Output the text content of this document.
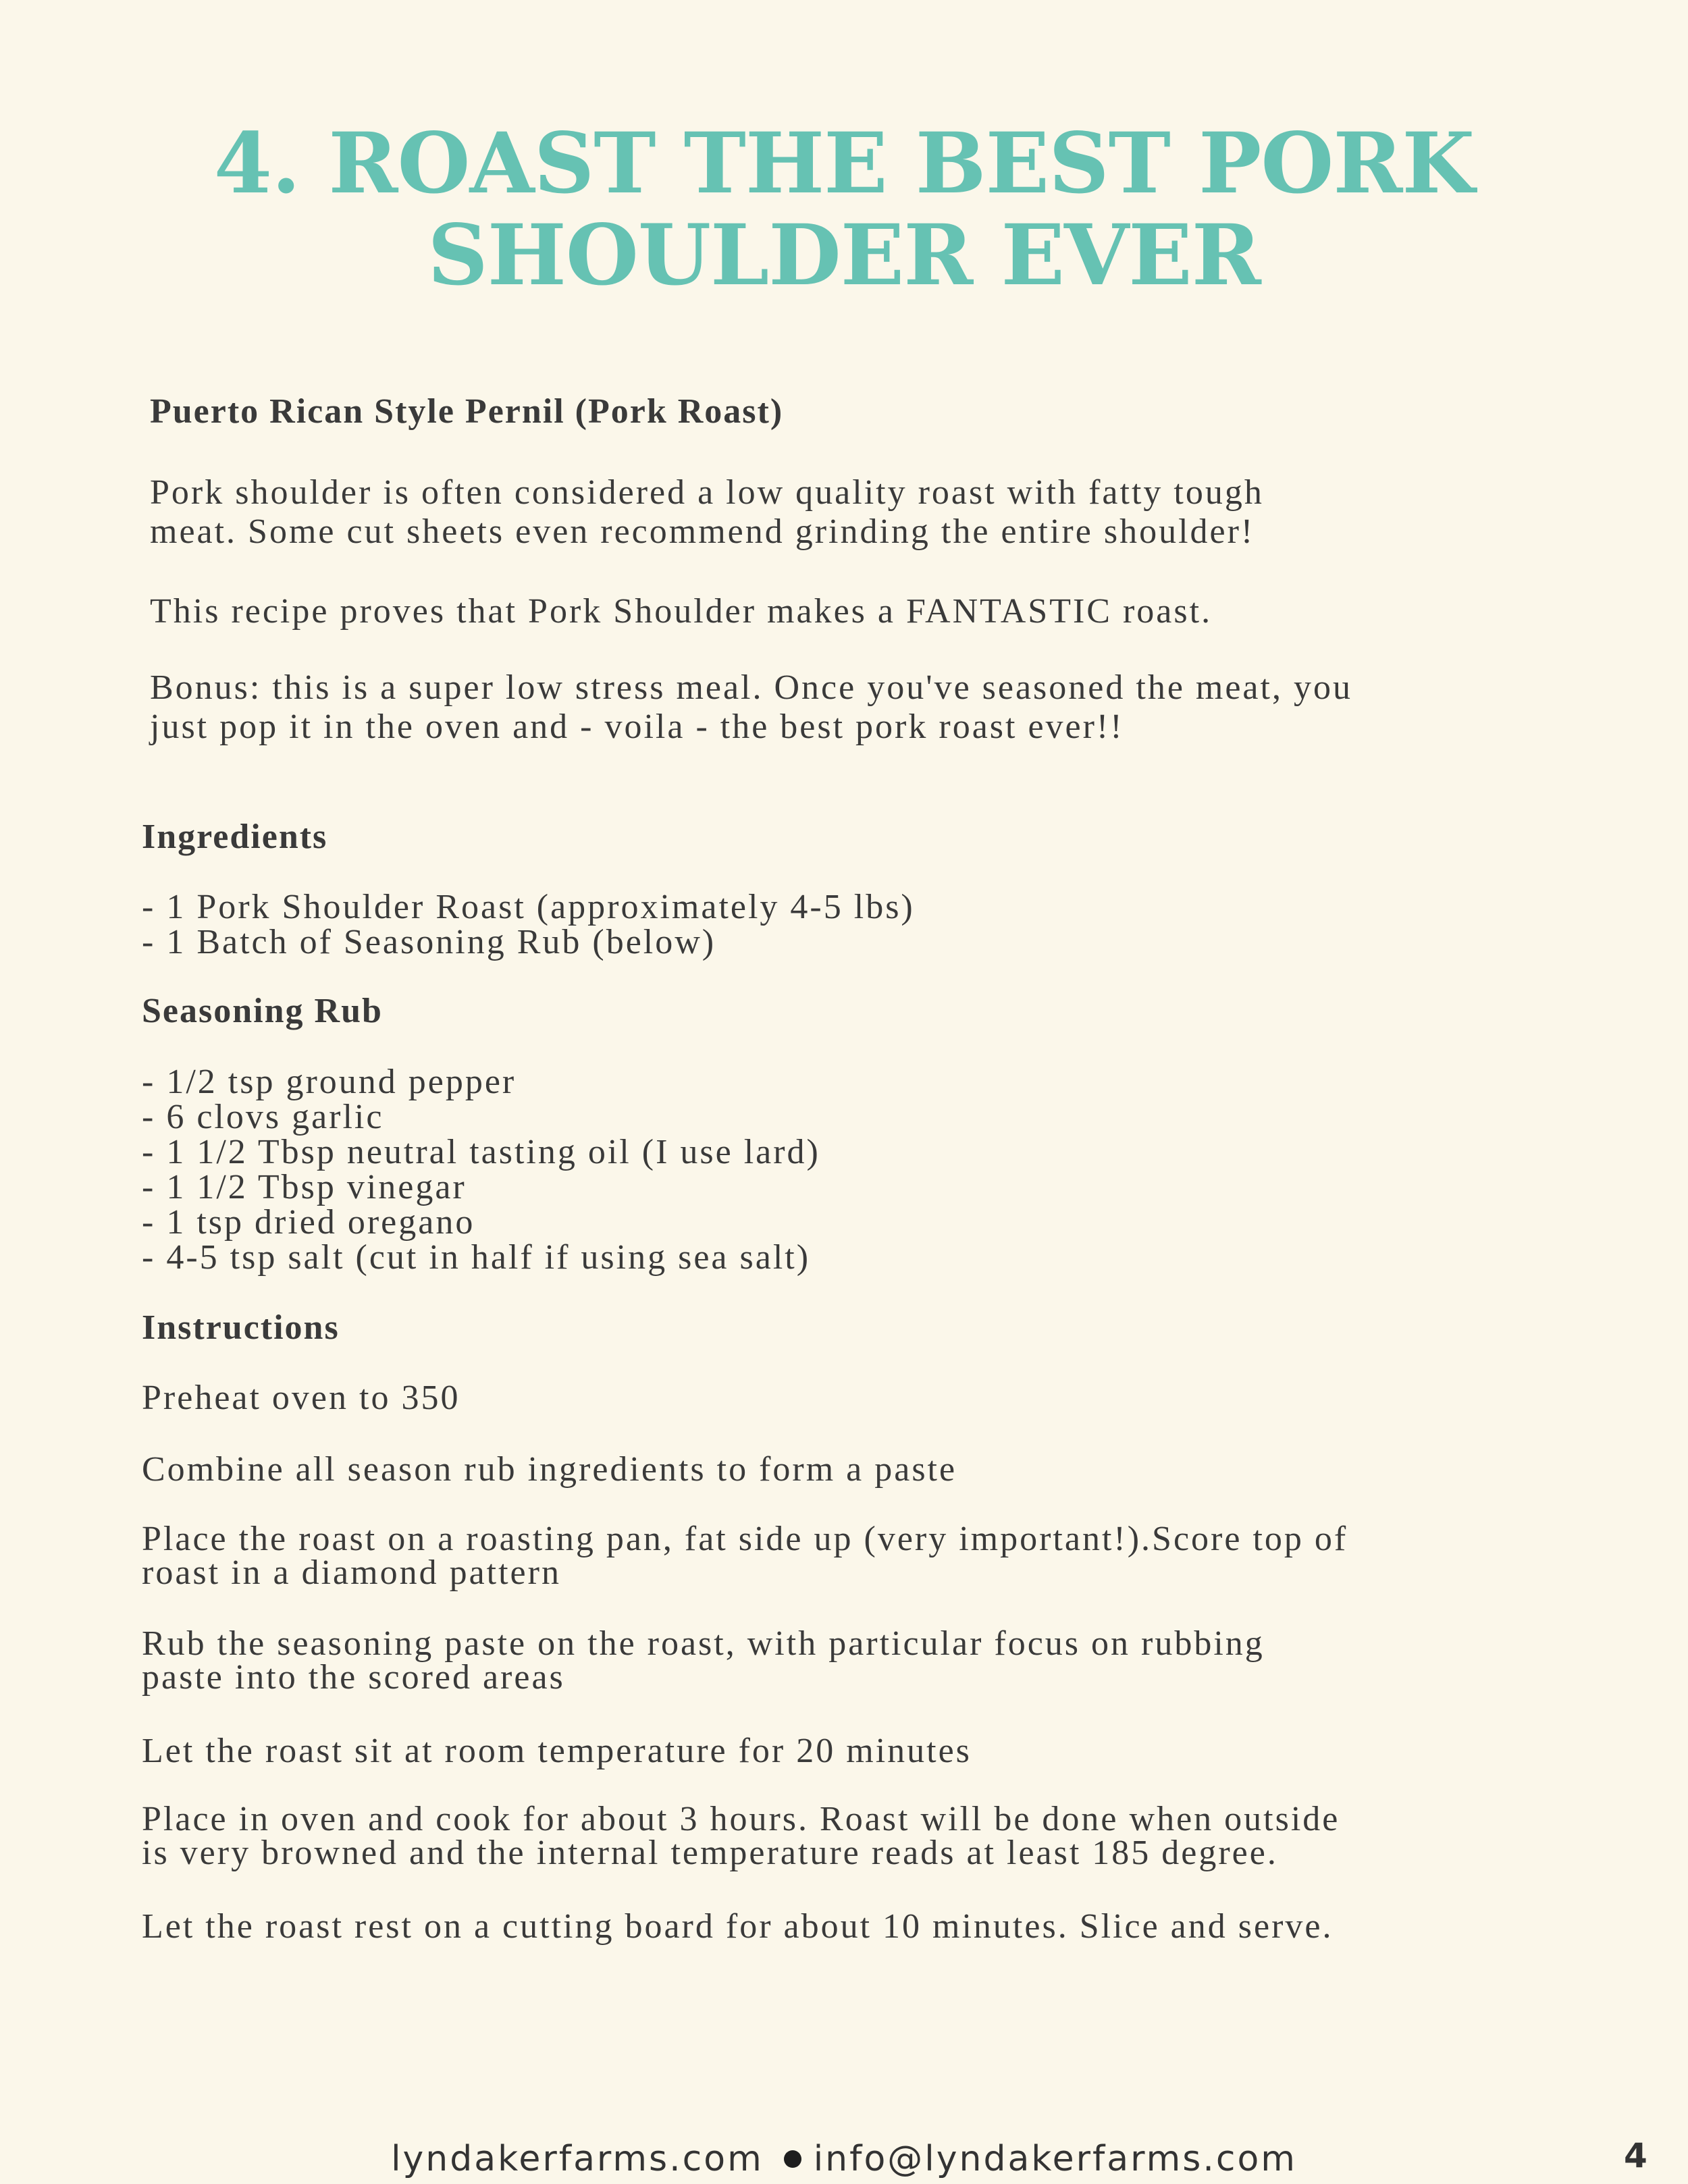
4. ROAST THE BEST PORK
SHOULDER EVER
Puerto Rican Style Pernil (Pork Roast)
Pork shoulder is often considered a low quality roast with fatty tough
meat. Some cut sheets even recommend grinding the entire shoulder!
This recipe proves that Pork Shoulder makes a FANTASTIC roast.
Bonus: this is a super low stress meal. Once you've seasoned the meat, you
just pop it in the oven and - voila - the best pork roast ever!!
Ingredients
- 1 Pork Shoulder Roast (approximately 4-5 lbs)
- 1 Batch of Seasoning Rub (below)
Seasoning Rub
- 1/2 tsp ground pepper
- 6 clovs garlic
- 1 1/2 Tbsp neutral tasting oil (I use lard)
- 1 1/2 Tbsp vinegar
- 1 tsp dried oregano
- 4-5 tsp salt (cut in half if using sea salt)
Instructions
Preheat oven to 350
Combine all season rub ingredients to form a paste
Place the roast on a roasting pan, fat side up (very important!).Score top of
roast in a diamond pattern
Rub the seasoning paste on the roast, with particular focus on rubbing
paste into the scored areas
Let the roast sit at room temperature for 20 minutes
Place in oven and cook for about 3 hours. Roast will be done when outside
is very browned and the internal temperature reads at least 185 degree.
Let the roast rest on a cutting board for about 10 minutes. Slice and serve.
lyndakerfarms.com info@lyndakerfarms.com	4
